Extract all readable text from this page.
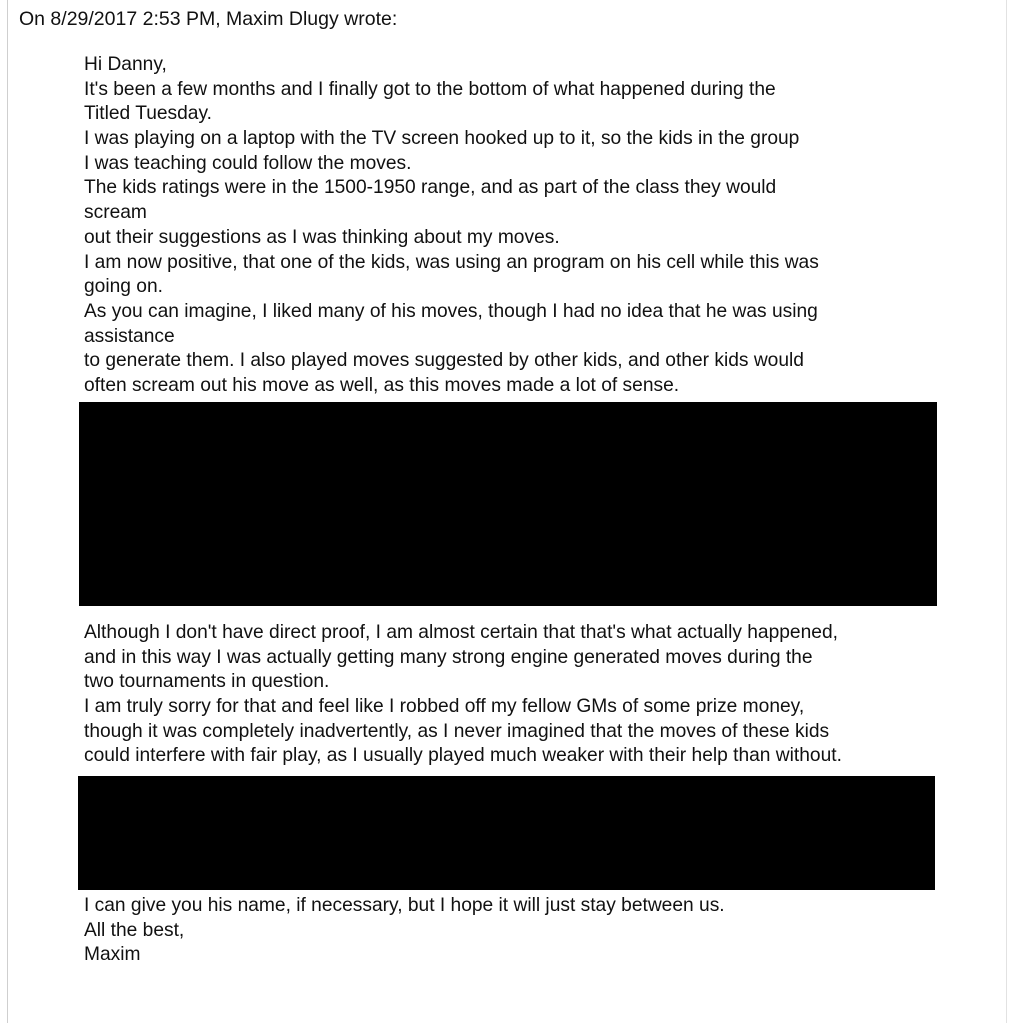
On 8/29/2017 2:53 PM, Maxim Dlugy wrote:
Hi Danny,
It's been a few months and I finally got to the bottom of what happened during the
Titled Tuesday.
I was playing on a laptop with the TV screen hooked up to it, so the kids in the group
I was teaching could follow the moves.
The kids ratings were in the 1500-1950 range, and as part of the class they would
scream
out their suggestions as I was thinking about my moves.
I am now positive, that one of the kids, was using an program on his cell while this was
going on.
As you can imagine, I liked many of his moves, though I had no idea that he was using
assistance
to generate them. I also played moves suggested by other kids, and other kids would
often scream out his move as well, as this moves made a lot of sense.
Although I don't have direct proof, I am almost certain that that's what actually happened,
and in this way I was actually getting many strong engine generated moves during the
two tournaments in question.
I am truly sorry for that and feel like I robbed off my fellow GMs of some prize money,
though it was completely inadvertently, as I never imagined that the moves of these kids
could interfere with fair play, as I usually played much weaker with their help than without.
I can give you his name, if necessary, but I hope it will just stay between us.
All the best,
Maxim
